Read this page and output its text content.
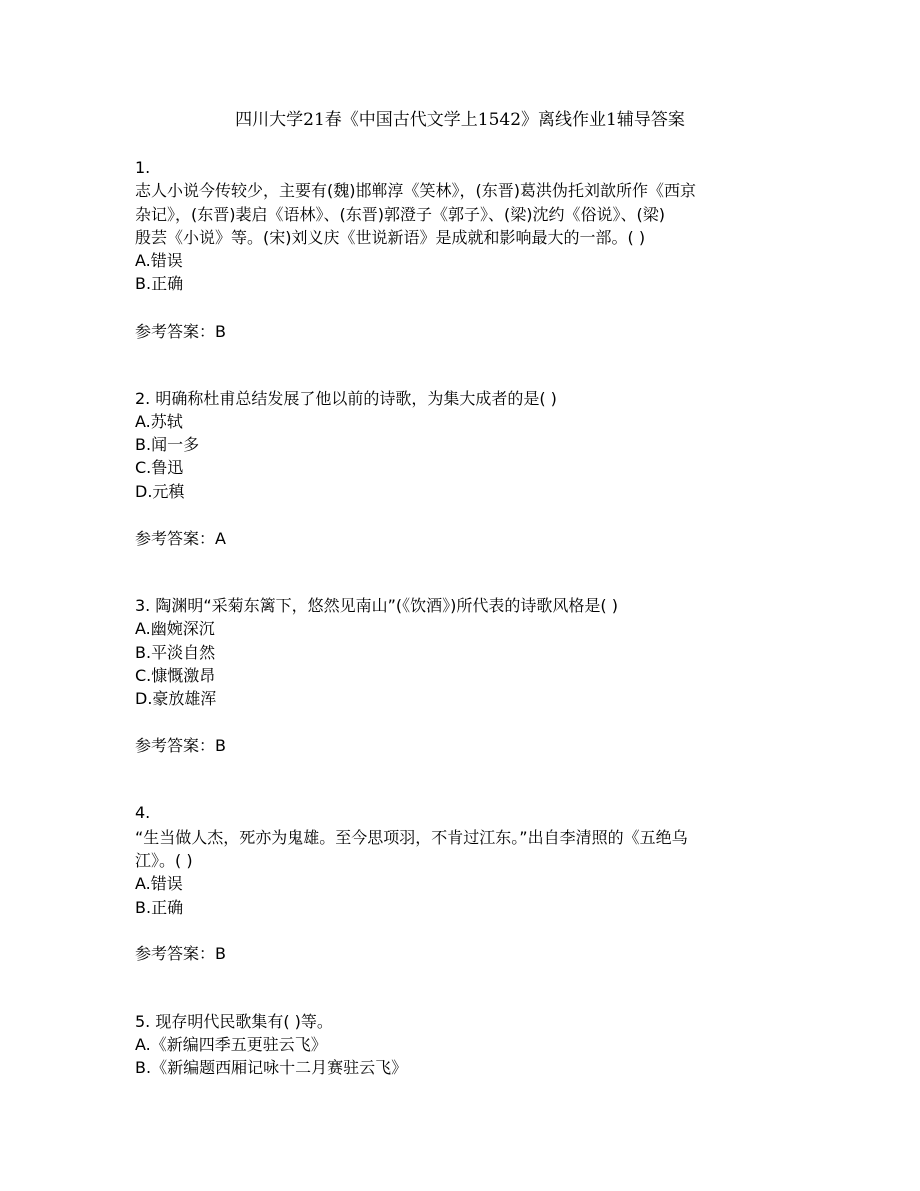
四川大学21春《中国古代文学上1542》离线作业1辅导答案
1.
志人小说今传较少，主要有(魏)邯郸淳《笑林》，(东晋)葛洪伪托刘歆所作《西京
杂记》，(东晋)裴启《语林》、(东晋)郭澄子《郭子》、(梁)沈约《俗说》、(梁)
殷芸《小说》等。(宋)刘义庆《世说新语》是成就和影响最大的一部。( )
A.错误
B.正确
参考答案：B
2. 明确称杜甫总结发展了他以前的诗歌，为集大成者的是( )
A.苏轼
B.闻一多
C.鲁迅
D.元稹
参考答案：A
3. 陶渊明“采菊东篱下，悠然见南山”(《饮酒》)所代表的诗歌风格是( )
A.幽婉深沉
B.平淡自然
C.慷慨激昂
D.豪放雄浑
参考答案：B
4.
“生当做人杰，死亦为鬼雄。至今思项羽，不肯过江东。”出自李清照的《五绝乌
江》。( )
A.错误
B.正确
参考答案：B
5. 现存明代民歌集有( )等。
A.《新编四季五更驻云飞》
B.《新编题西厢记咏十二月赛驻云飞》
